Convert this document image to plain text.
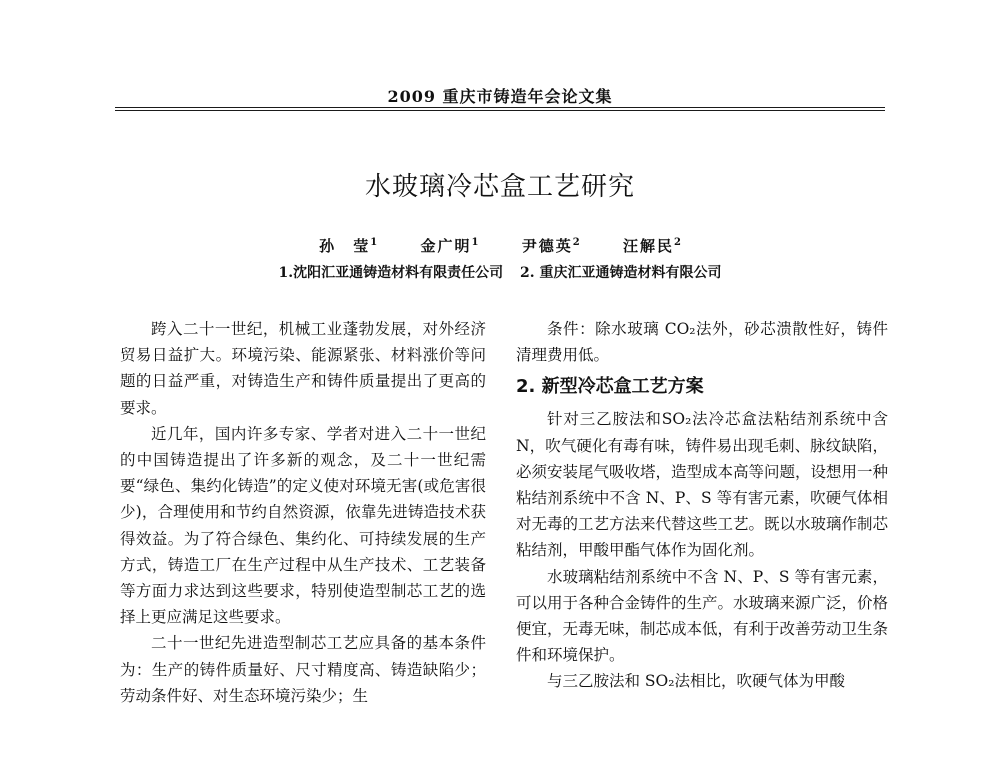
2009 重庆市铸造年会论文集
水玻璃冷芯盒工艺研究
孙 莹$^1$	金广明$^1$	尹德英$^2$	汪解民$^2$
1.沈阳汇亚通铸造材料有限责任公司 2. 重庆汇亚通铸造材料有限公司

跨入二十一世纪，机械工业蓬勃发展，对外经济贸易日益扩大。环境污染、能源紧张、材料涨价等问题的日益严重，对铸造生产和铸件质量提出了更高的要求。

近几年，国内许多专家、学者对进入二十一世纪的中国铸造提出了许多新的观念，及二十一世纪需要“绿色、集约化铸造”的定义使对环境无害(或危害很少)，合理使用和节约自然资源，依靠先进铸造技术获得效益。为了符合绿色、集约化、可持续发展的生产方式，铸造工厂在生产过程中从生产技术、工艺装备等方面力求达到这些要求，特别使造型制芯工艺的选择上更应满足这些要求。

二十一世纪先进造型制芯工艺应具备的基本条件为：生产的铸件质量好、尺寸精度高、铸造缺陷少；劳动条件好、对生态环境污染少；生

条件：除水玻璃 CO₂法外，砂芯溃散性好，铸件清理费用低。

2. 新型冷芯盒工艺方案

针对三乙胺法和SO₂法冷芯盒法粘结剂系统中含 N，吹气硬化有毒有味，铸件易出现毛刺、脉纹缺陷，必须安装尾气吸收塔，造型成本高等问题，设想用一种粘结剂系统中不含 N、P、S 等有害元素，吹硬气体相对无毒的工艺方法来代替这些工艺。既以水玻璃作制芯粘结剂，甲酸甲酯气体作为固化剂。

水玻璃粘结剂系统中不含 N、P、S 等有害元素，可以用于各种合金铸件的生产。水玻璃来源广泛，价格便宜，无毒无味，制芯成本低，有利于改善劳动卫生条件和环境保护。

与三乙胺法和 SO₂法相比，吹硬气体为甲酸
